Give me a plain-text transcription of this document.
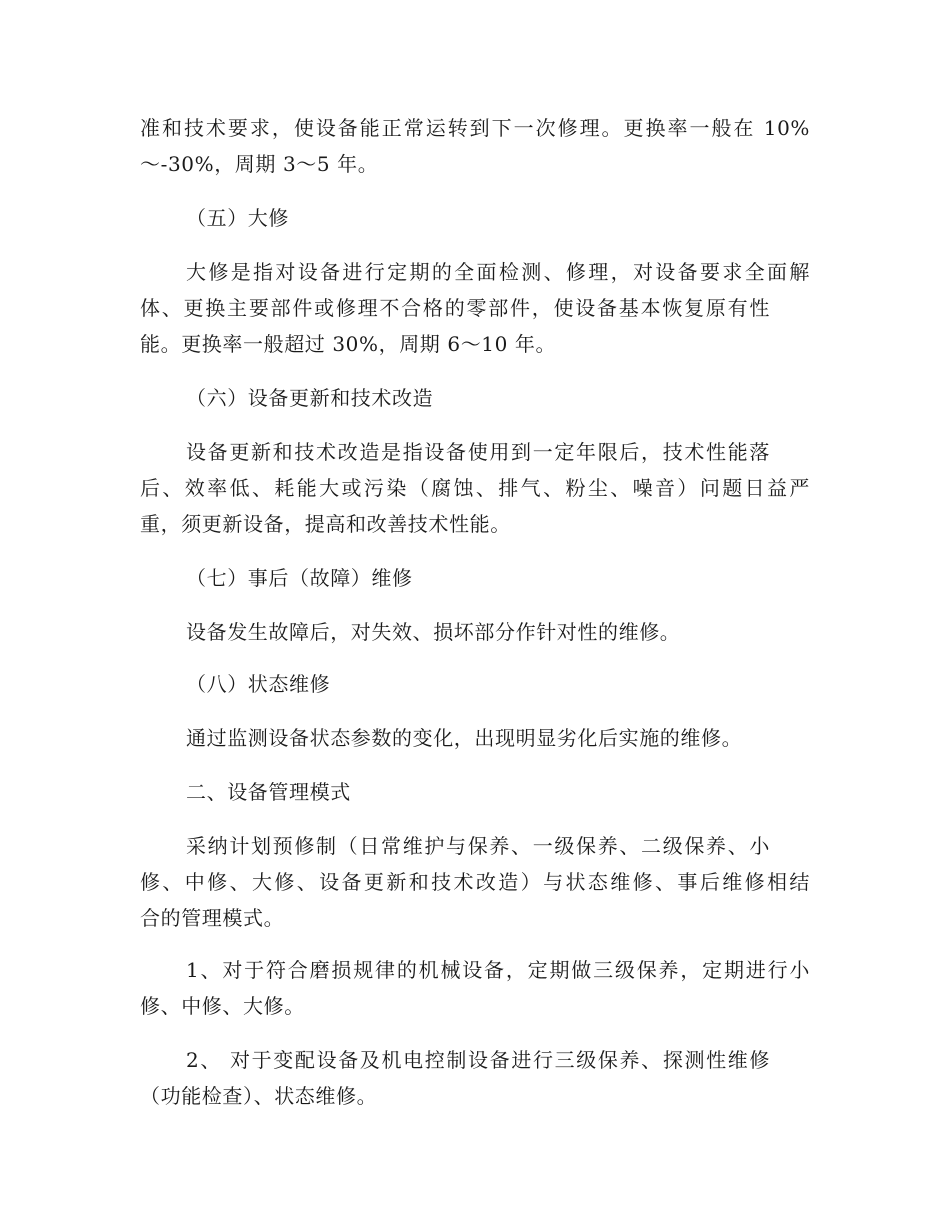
准和技术要求，使设备能正常运转到下一次修理。更换率一般在 10%
～-30%，周期 3～5 年。
（五）大修
大修是指对设备进行定期的全面检测、修理，对设备要求全面解
体、更换主要部件或修理不合格的零部件，使设备基本恢复原有性
能。更换率一般超过 30%，周期 6～10 年。
（六）设备更新和技术改造
设备更新和技术改造是指设备使用到一定年限后，技术性能落
后、效率低、耗能大或污染（腐蚀、排气、粉尘、噪音）问题日益严
重，须更新设备，提高和改善技术性能。
（七）事后（故障）维修
设备发生故障后，对失效、损坏部分作针对性的维修。
（八）状态维修
通过监测设备状态参数的变化，出现明显劣化后实施的维修。
二、设备管理模式
采纳计划预修制（日常维护与保养、一级保养、二级保养、小
修、中修、大修、设备更新和技术改造）与状态维修、事后维修相结
合的管理模式。
1、对于符合磨损规律的机械设备，定期做三级保养，定期进行小
修、中修、大修。
2、 对于变配设备及机电控制设备进行三级保养、探测性维修
（功能检查）、状态维修。
